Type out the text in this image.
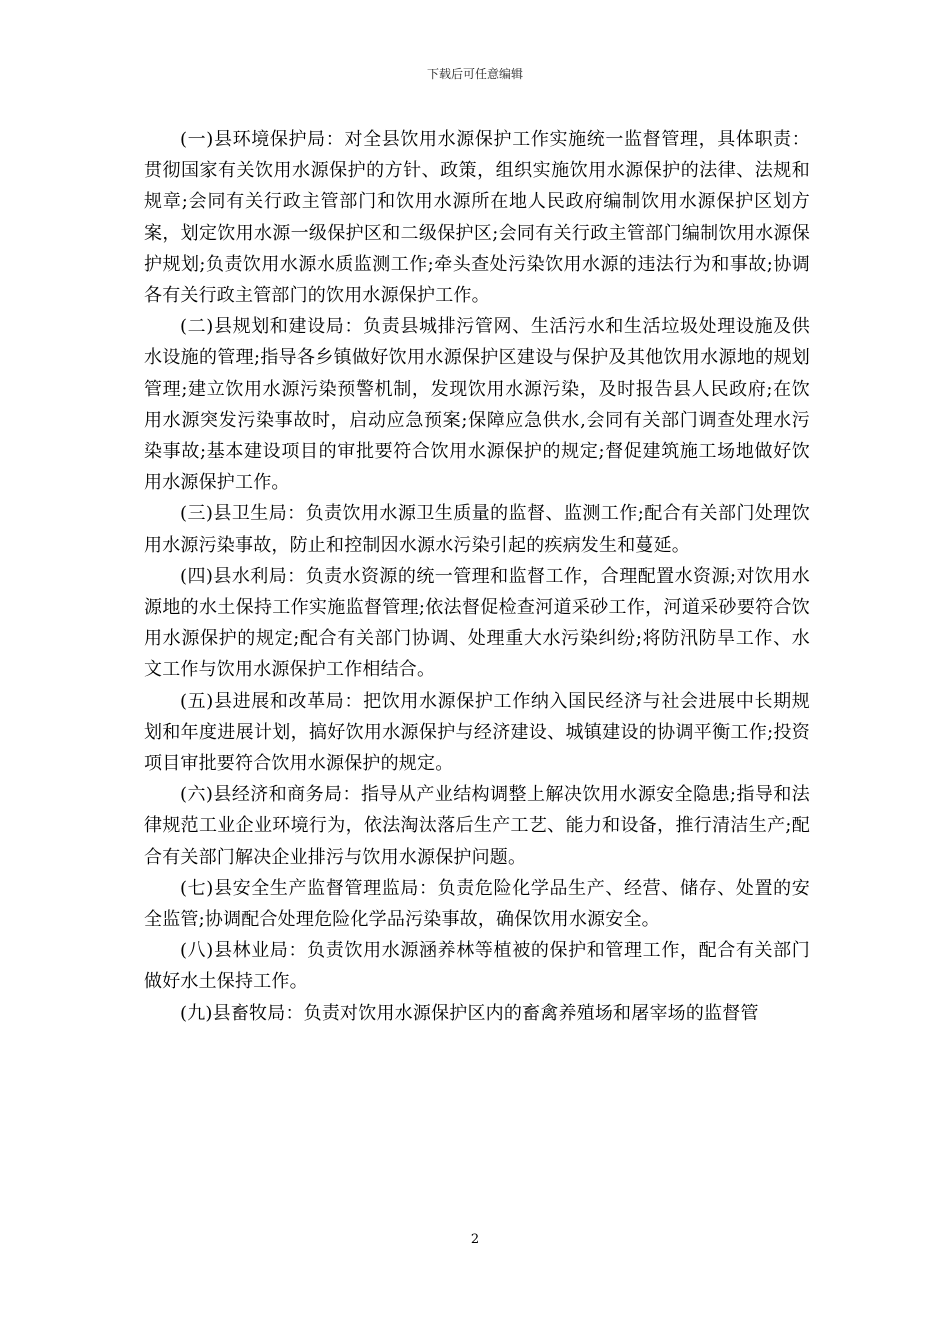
下载后可任意编辑

(一)县环境保护局：对全县饮用水源保护工作实施统一监督管理，具体职责：贯彻国家有关饮用水源保护的方针、政策，组织实施饮用水源保护的法律、法规和规章;会同有关行政主管部门和饮用水源所在地人民政府编制饮用水源保护区划方案，划定饮用水源一级保护区和二级保护区;会同有关行政主管部门编制饮用水源保护规划;负责饮用水源水质监测工作;牵头查处污染饮用水源的违法行为和事故;协调各有关行政主管部门的饮用水源保护工作。

(二)县规划和建设局：负责县城排污管网、生活污水和生活垃圾处理设施及供水设施的管理;指导各乡镇做好饮用水源保护区建设与保护及其他饮用水源地的规划管理;建立饮用水源污染预警机制，发现饮用水源污染，及时报告县人民政府;在饮用水源突发污染事故时，启动应急预案;保障应急供水,会同有关部门调查处理水污染事故;基本建设项目的审批要符合饮用水源保护的规定;督促建筑施工场地做好饮用水源保护工作。

(三)县卫生局：负责饮用水源卫生质量的监督、监测工作;配合有关部门处理饮用水源污染事故，防止和控制因水源水污染引起的疾病发生和蔓延。

(四)县水利局：负责水资源的统一管理和监督工作，合理配置水资源;对饮用水源地的水土保持工作实施监督管理;依法督促检查河道采砂工作，河道采砂要符合饮用水源保护的规定;配合有关部门协调、处理重大水污染纠纷;将防汛防旱工作、水文工作与饮用水源保护工作相结合。

(五)县进展和改革局：把饮用水源保护工作纳入国民经济与社会进展中长期规划和年度进展计划，搞好饮用水源保护与经济建设、城镇建设的协调平衡工作;投资项目审批要符合饮用水源保护的规定。

(六)县经济和商务局：指导从产业结构调整上解决饮用水源安全隐患;指导和法律规范工业企业环境行为，依法淘汰落后生产工艺、能力和设备，推行清洁生产;配合有关部门解决企业排污与饮用水源保护问题。

(七)县安全生产监督管理监局：负责危险化学品生产、经营、储存、处置的安全监管;协调配合处理危险化学品污染事故，确保饮用水源安全。

(八)县林业局：负责饮用水源涵养林等植被的保护和管理工作，配合有关部门做好水土保持工作。

(九)县畜牧局：负责对饮用水源保护区内的畜禽养殖场和屠宰场的监督管

2
